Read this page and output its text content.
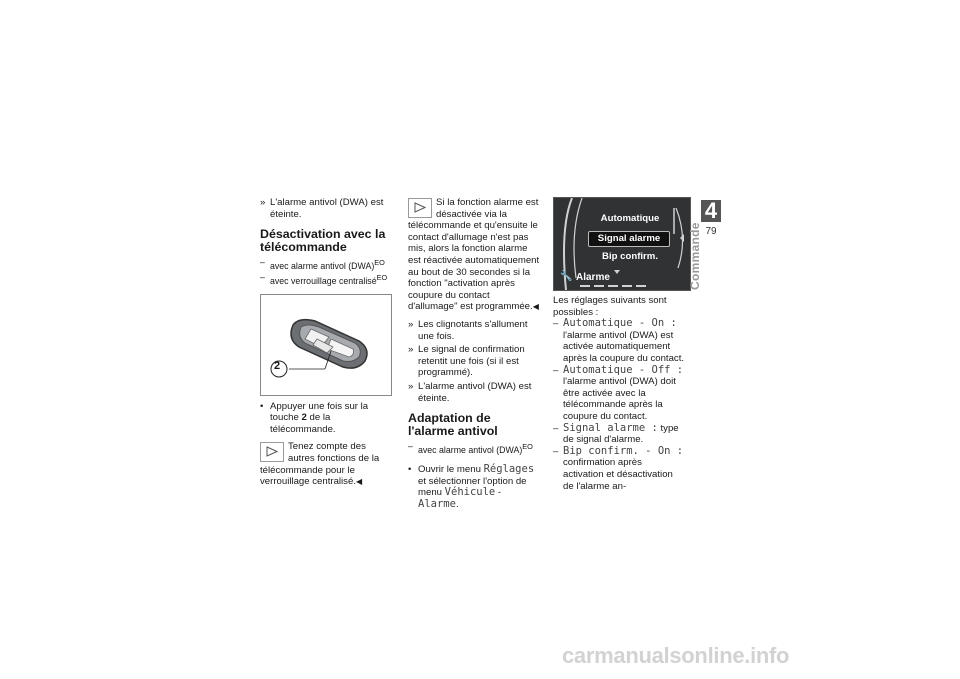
» L'alarme antivol (DWA) est éteinte.

Désactivation avec la télécommande

– avec alarme antivol (DWA)$^{EO}$

– avec verrouillage centralisé$^{EO}$

2

• Appuyer une fois sur la touche 2 de la télécommande.

Tenez compte des autres fonctions de la télécommande pour le verrouillage centralisé.◀
Si la fonction alarme est désactivée via la télécommande et qu'ensuite le contact d'allumage n'est pas mis, alors la fonction alarme est réactivée automatiquement au bout de 30 secondes si la fonction "activation après coupure du contact d'allumage" est programmée.◀

» Les clignotants s'allument une fois.

» Le signal de confirmation retentit une fois (si il est programmé).

» L'alarme antivol (DWA) est éteinte.

Adaptation de l'alarme antivol

– avec alarme antivol (DWA)$^{EO}$

• Ouvrir le menu Réglages et sélectionner l'option de menu Véhicule - Alarme.

Automatique
Signal alarme
Bip confirm.
🔧 Alarme

Les réglages suivants sont possibles :

– Automatique - On :
l'alarme antivol (DWA) est activée automatiquement après la coupure du contact.
– Automatique - Off :
l'alarme antivol (DWA) doit être activée avec la télécommande après la coupure du contact.
– Signal alarme : type de signal d'alarme.
– Bip confirm. - On :
confirmation après activation et désactivation de l'alarme an-
4
79
Commande
carmanualsonline.info
